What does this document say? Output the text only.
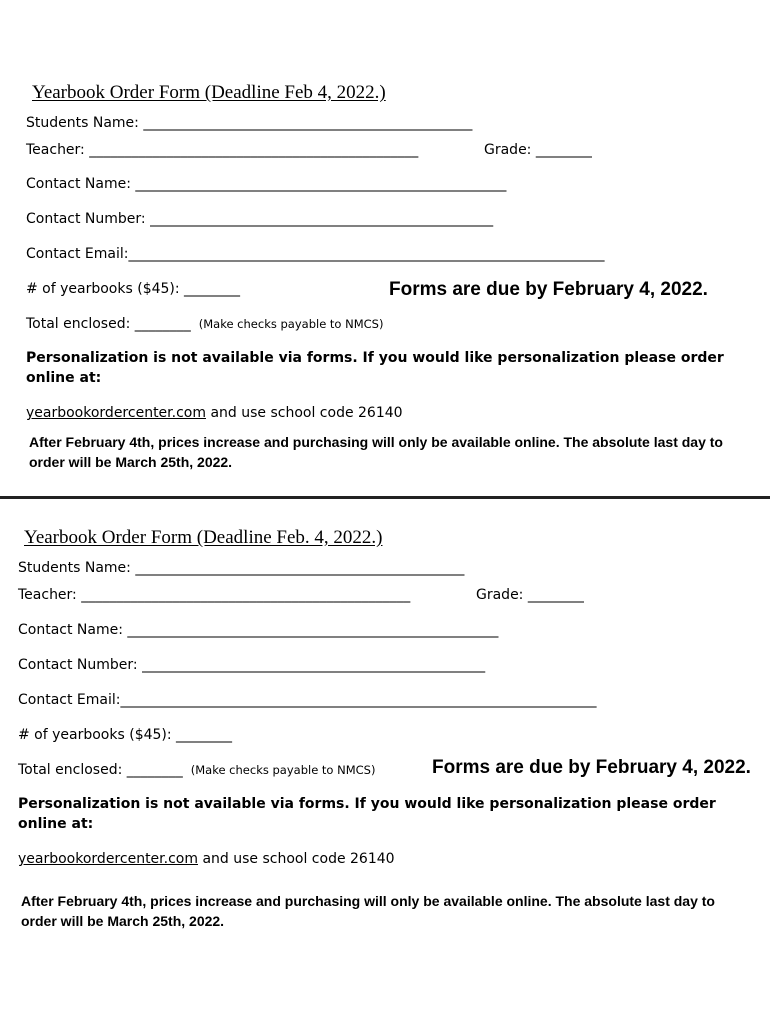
Yearbook Order Form (Deadline Feb 4, 2022.)
Students Name: _______________________________________________
Teacher: _______________________________________________	Grade: ________
Contact Name: _____________________________________________________
Contact Number: _________________________________________________
Contact Email:____________________________________________________________________
# of yearbooks ($45): ________	Forms are due by February 4, 2022.
Total enclosed: ________ (Make checks payable to NMCS)
Personalization is not available via forms. If you would like personalization please order online at:
yearbookordercenter.com and use school code 26140
After February 4th, prices increase and purchasing will only be available online. The absolute last day to order will be March 25th, 2022.
Yearbook Order Form (Deadline Feb. 4, 2022.)
Students Name: _______________________________________________
Teacher: _______________________________________________	Grade: ________
Contact Name: _____________________________________________________
Contact Number: _________________________________________________
Contact Email:____________________________________________________________________
# of yearbooks ($45): ________
Total enclosed: ________ (Make checks payable to NMCS)	Forms are due by February 4, 2022.
Personalization is not available via forms. If you would like personalization please order online at:
yearbookordercenter.com and use school code 26140
After February 4th, prices increase and purchasing will only be available online. The absolute last day to order will be March 25th, 2022.
